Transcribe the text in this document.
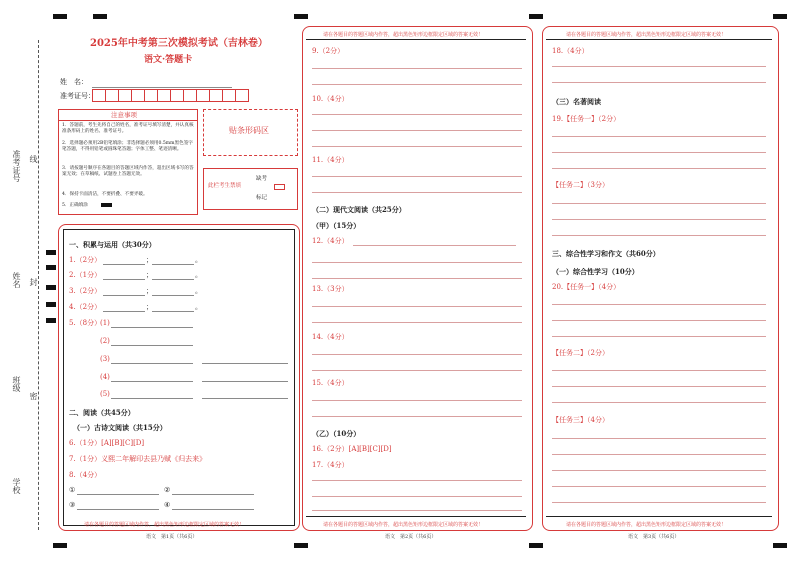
准考证号 线
姓名 封
班级
密
学校
2025年中考第三次模拟考试（吉林卷）
语文·答题卡
姓　名：
准考证号：
注意事项
1．答题前，考生先将自己的姓名，准考证号填写清楚，并认真核准条形码上的姓名、准考证号。
2．选择题必须用2B铅笔填涂；非选择题必须用0.5mm黑色签字笔答题，不得用铅笔或圆珠笔答题；字体工整、笔迹清晰。
3．请按题号顺序在各题目的答题区域内作答，超出区域书写的答案无效；在草稿纸、试题卷上答题无效。
4．保持卡面清洁，不要折叠、不要弄破。
5．正确填涂
贴条形码区
此栏考生禁填
缺考
标记
一、积累与运用（共30分）
1.（2分）	；	。
2.（1分）	；	。
3.（2分）	；	。
4.（2分）	；	。
5.（8分）
(1)
(2)
(3)
(4)
(5)
二、阅读（共45分）
（一）古诗文阅读（共15分）
6.（1分）[A][B][C][D]
7.（1分）义熙二年解印去县乃赋《归去来》
8.（4分）
①	②
③	④
请在各题目的答题区域内作答，超出黑色矩形边框限定区域的答案无效！
语文　第1页（共6页）
请在各题目的答题区域内作答，超出黑色矩形边框限定区域的答案无效！
9.（2分）
10.（4分）
11.（4分）
（二）现代文阅读（共25分）
（甲）（15分）
12.（4分）
13.（3分）
14.（4分）
15.（4分）
（乙）（10分）
16.（2分）[A][B][C][D]
17.（4分）
请在各题目的答题区域内作答，超出黑色矩形边框限定区域的答案无效！
语文　第2页（共6页）
请在各题目的答题区域内作答，超出黑色矩形边框限定区域的答案无效！
18.（4分）
（三）名著阅读
19.【任务一】（2分）
【任务二】（3分）
三、综合性学习和作文（共60分）
（一）综合性学习（10分）
20.【任务一】（4分）
【任务二】（2分）
【任务三】（4分）
请在各题目的答题区域内作答，超出黑色矩形边框限定区域的答案无效！
语文　第3页（共6页）
